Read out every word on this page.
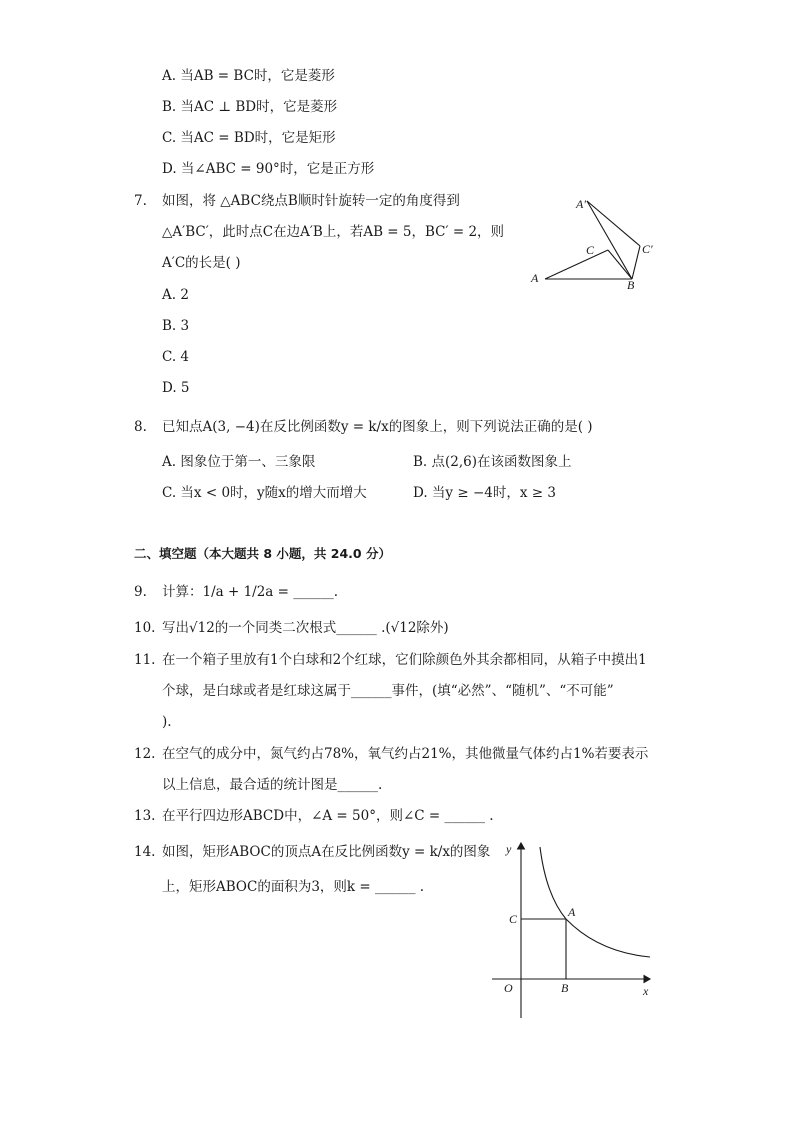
A. 当AB = BC时，它是菱形
B. 当AC ⊥ BD时，它是菱形
C. 当AC = BD时，它是矩形
D. 当∠ABC = 90°时，它是正方形
7. 如图，将 △ABC绕点B顺时针旋转一定的角度得到
△A′BC′，此时点C在边A′B上，若AB = 5，BC′ = 2，则
A′C的长是( )
A. 2
B. 3
C. 4
D. 5
A′
C	C′
A	B
8. 已知点A(3, −4)在反比例函数y = k/x的图象上，则下列说法正确的是( )
A. 图象位于第一、三象限	B. 点(2,6)在该函数图象上
C. 当x < 0时，y随x的增大而增大	D. 当y ≥ −4时，x ≥ 3
二、填空题（本大题共 8 小题，共 24.0 分）
9. 计算：1/a + 1/2a = ______.
10. 写出√12的一个同类二次根式______ .(√12除外)
11. 在一个箱子里放有1个白球和2个红球，它们除颜色外其余都相同，从箱子中摸出1
个球，是白球或者是红球这属于______事件，(填“必然”、“随机”、“不可能”
).
12. 在空气的成分中，氮气约占78%，氧气约占21%，其他微量气体约占1%若要表示
以上信息，最合适的统计图是______.
13. 在平行四边形ABCD中，∠A = 50°，则∠C = ______ .
14. 如图，矩形ABOC的顶点A在反比例函数y = k/x的图象
上，矩形ABOC的面积为3，则k = ______ .
y
x
O
A
B
C
